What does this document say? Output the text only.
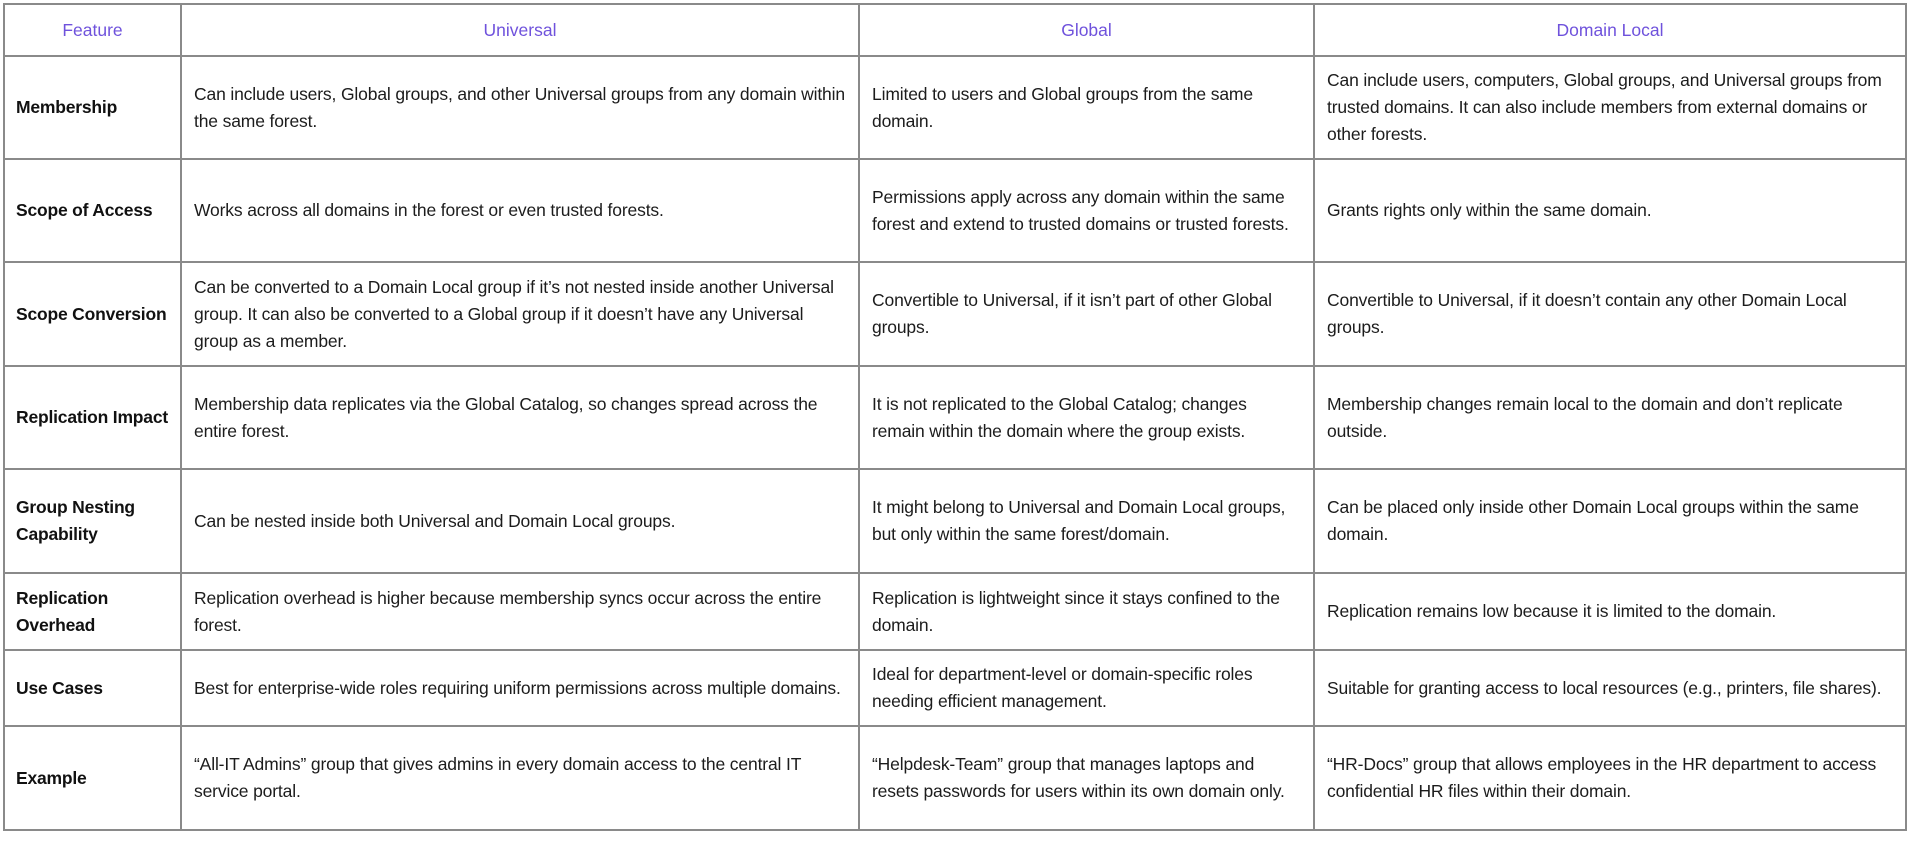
Feature	Universal	Global	Domain Local
Membership	Can include users, Global groups, and other Universal groups from any domain within the same forest.	Limited to users and Global groups from the same domain.	Can include users, computers, Global groups, and Universal groups from trusted domains. It can also include members from external domains or other forests.
Scope of Access	Works across all domains in the forest or even trusted forests.	Permissions apply across any domain within the same forest and extend to trusted domains or trusted forests.	Grants rights only within the same domain.
Scope Conversion	Can be converted to a Domain Local group if it’s not nested inside another Universal group. It can also be converted to a Global group if it doesn’t have any Universal group as a member.	Convertible to Universal, if it isn’t part of other Global groups.	Convertible to Universal, if it doesn’t contain any other Domain Local groups.
Replication Impact	Membership data replicates via the Global Catalog, so changes spread across the entire forest.	It is not replicated to the Global Catalog; changes remain within the domain where the group exists.	Membership changes remain local to the domain and don’t replicate outside.
Group Nesting Capability	Can be nested inside both Universal and Domain Local groups.	It might belong to Universal and Domain Local groups, but only within the same forest/domain.	Can be placed only inside other Domain Local groups within the same domain.
Replication Overhead	Replication overhead is higher because membership syncs occur across the entire forest.	Replication is lightweight since it stays confined to the domain.	Replication remains low because it is limited to the domain.
Use Cases	Best for enterprise-wide roles requiring uniform permissions across multiple domains.	Ideal for department-level or domain-specific roles needing efficient management.	Suitable for granting access to local resources (e.g., printers, file shares).
Example	“All-IT Admins” group that gives admins in every domain access to the central IT service portal.	“Helpdesk-Team” group that manages laptops and resets passwords for users within its own domain only.	“HR-Docs” group that allows employees in the HR department to access confidential HR files within their domain.
